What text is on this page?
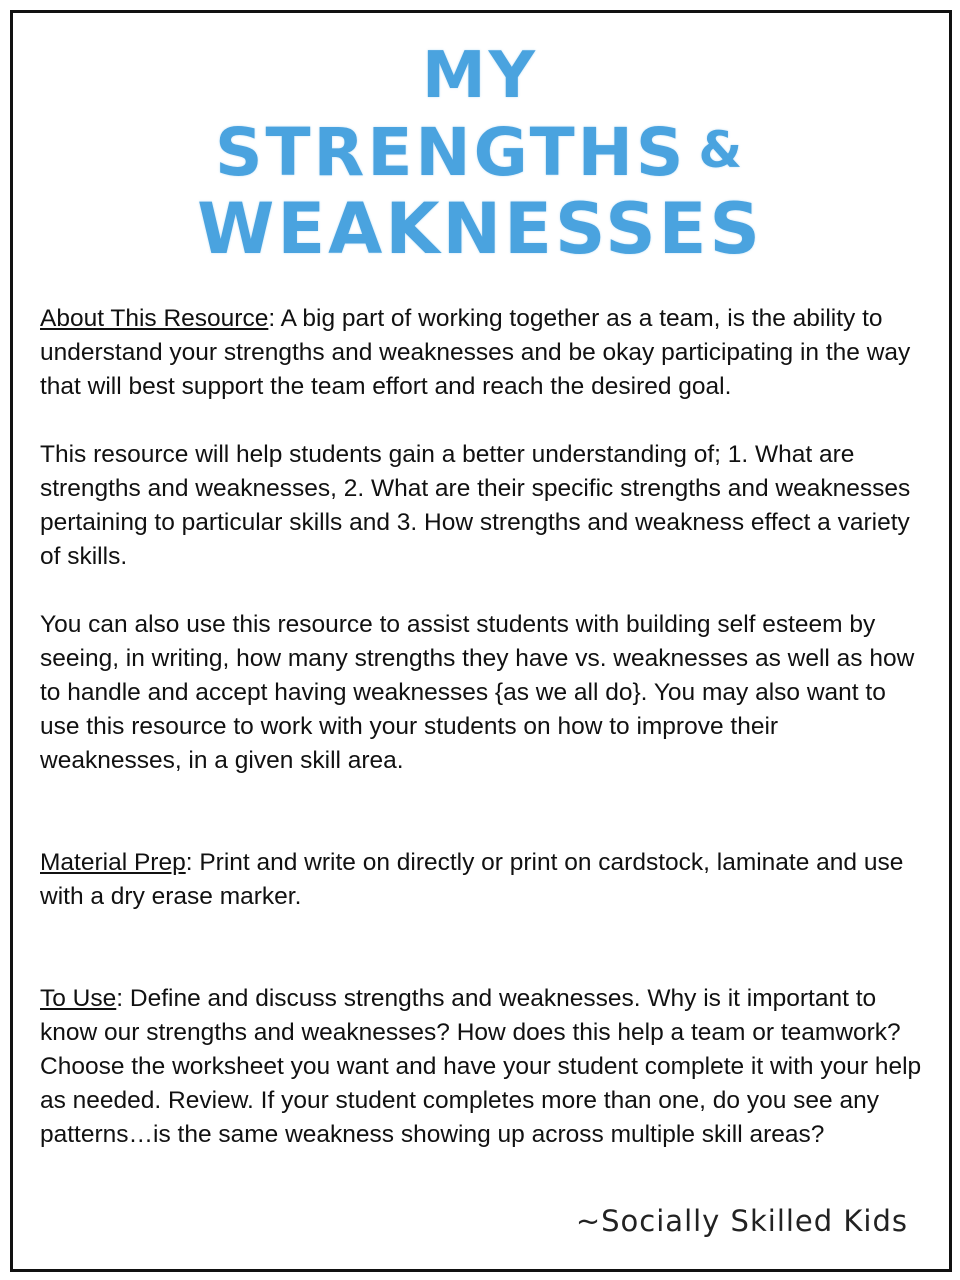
MY
STRENGTHS &
WEAKNESSES

About This Resource: A big part of working together as a team, is the ability to understand your strengths and weaknesses and be okay participating in the way that will best support the team effort and reach the desired goal.

This resource will help students gain a better understanding of; 1. What are strengths and weaknesses, 2. What are their specific strengths and weaknesses pertaining to particular skills and 3. How strengths and weakness effect a variety of skills.

You can also use this resource to assist students with building self esteem by seeing, in writing, how many strengths they have vs. weaknesses as well as how to handle and accept having weaknesses {as we all do}. You may also want to use this resource to work with your students on how to improve their weaknesses, in a given skill area.

Material Prep: Print and write on directly or print on cardstock, laminate and use with a dry erase marker.

To Use: Define and discuss strengths and weaknesses. Why is it important to know our strengths and weaknesses? How does this help a team or teamwork? Choose the worksheet you want and have your student complete it with your help as needed. Review. If your student completes more than one, do you see any patterns…is the same weakness showing up across multiple skill areas?

~Socially Skilled Kids
